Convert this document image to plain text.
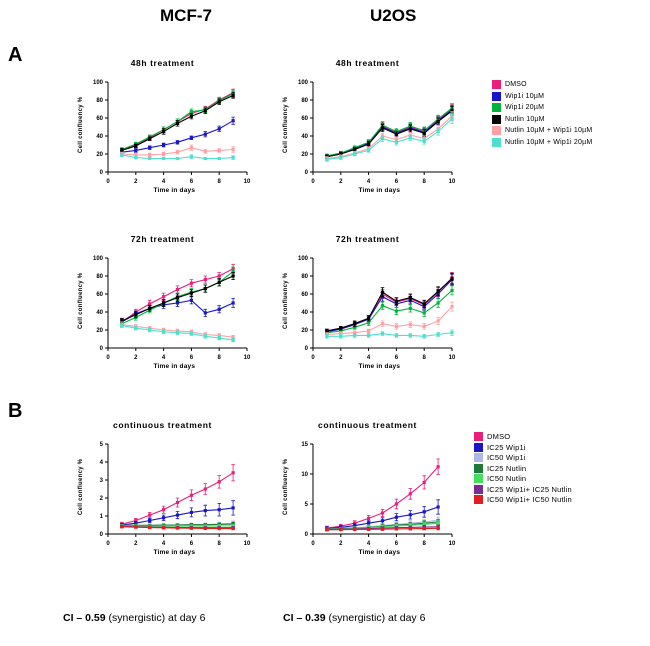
MCF-7	U2OS
A
B
48h treatment
0
20
40
60
80
100
0	2	4	6	8	10
Cell confluency %
Time in days
48h treatment
0
20
40
60
80
100
0	2	4	6	8	10
Cell confluency %
Time in days
72h treatment
0
20
40
60
80
100
0	2	4	6	8	10
Cell confluency %
Time in days
72h treatment
0
20
40
60
80
100
0	2	4	6	8	10
Cell confluency %
Time in days
continuous treatment
0
1
2
3
4
5
0	2	4	6	8	10
Cell confluency %
Time in days
continuous treatment
0
5
10
15
0	2	4	6	8	10
Cell confluency %
Time in days
DMSO
Wip1i 10µM
Wip1i 20µM
Nutlin 10µM
Nutlin 10µM + Wip1i 10µM
Nutlin 10µM + Wip1i 20µM
DMSO
IC25 Wip1i
IC50 Wip1i
IC25 Nutlin
IC50 Nutlin
IC25 Wip1i+ IC25 Nutlin
IC50 Wip1i+ IC50 Nutlin
CI – 0.59 (synergistic) at day 6	CI – 0.39 (synergistic) at day 6
